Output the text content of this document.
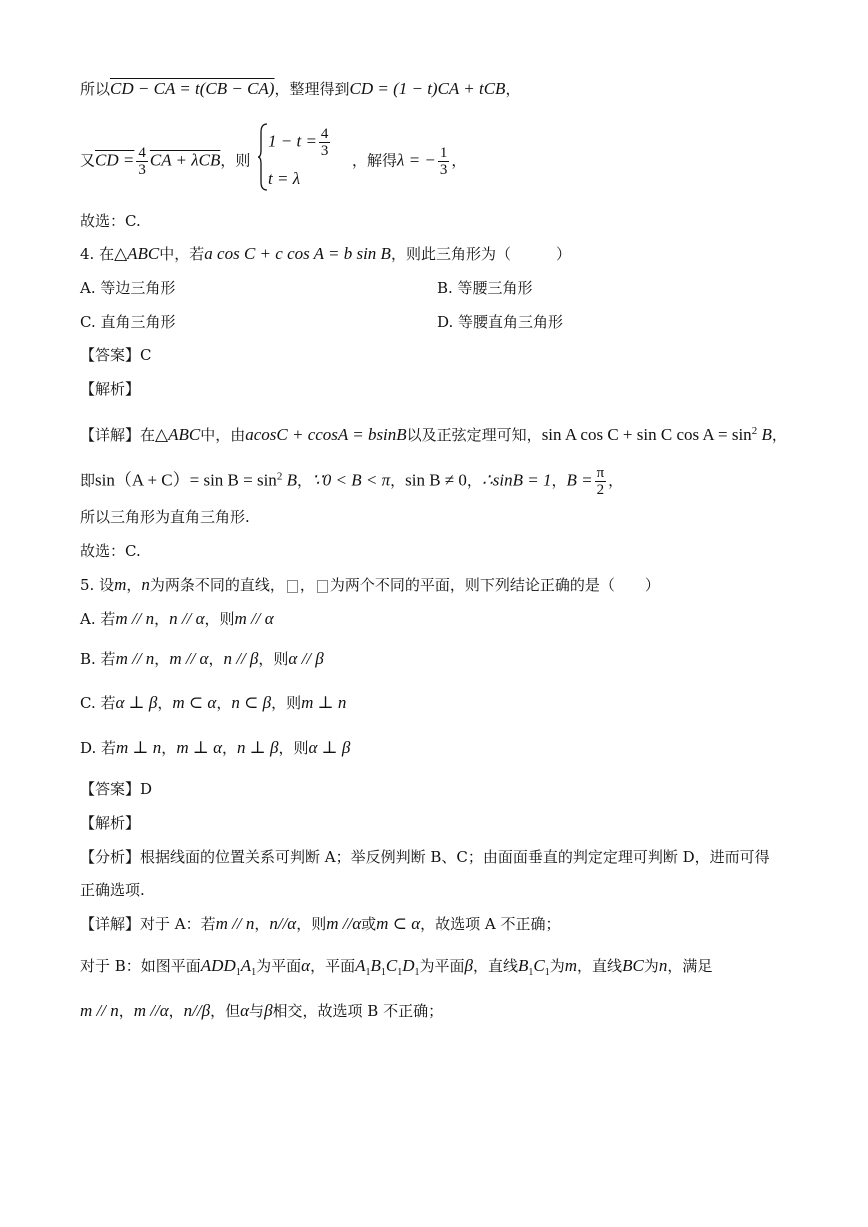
所以CD − CA = t(CB − CA)，整理得到CD = (1 − t)CA + tCB，
又CD = $\frac{4}{3}$ CA + λCB，则
$1 - t = \frac{4}{3}$
t = λ
，解得λ = − $\frac{1}{3}$ ，
故选：C.
4. 在△ABC中，若a cos C + c cos A = b sin B，则此三角形为（　　　）
A. 等边三角形	B. 等腰三角形
C. 直角三角形	D. 等腰直角三角形
【答案】C
【解析】
【详解】在△ABC中，由acosC + ccosA = bsinB以及正弦定理可知，sin A cos C + sin C $\cos A = \sin^2 B$，
即$\sin(A + C)= \sin B = \sin^2 B$，∵0 < B < π，sin B ≠ 0，∴sinB = 1，$B = \frac{\pi}{2}$ ，
所以三角形为直角三角形.
故选：C.
5. 设m，n为两条不同的直线， ， 为两个不同的平面，则下列结论正确的是（　　）
A. 若m // n，n // α，则m // α
B. 若m // n，m // α，n // β，则α // β
C. 若α ⊥ β，m ⊂ α，n ⊂ β，则m ⊥ n
D. 若m ⊥ n，m ⊥ α，n ⊥ β，则α ⊥ β
【答案】D
【解析】
【分析】根据线面的位置关系可判断 A；举反例判断 B、C；由面面垂直的判定定理可判断 D，进而可得
正确选项.
【详解】对于 A：若m // n，n//α，则m //α或m ⊂ α，故选项 A 不正确；
对于 B：如图平面$ADD_1A_1$为平面α，平面$A_1B_1C_1D_1$为平面β，直线$B_1C_1$为m，直线BC为n，满足
m // n，m //α，n//β，但α与β相交，故选项 B 不正确；
